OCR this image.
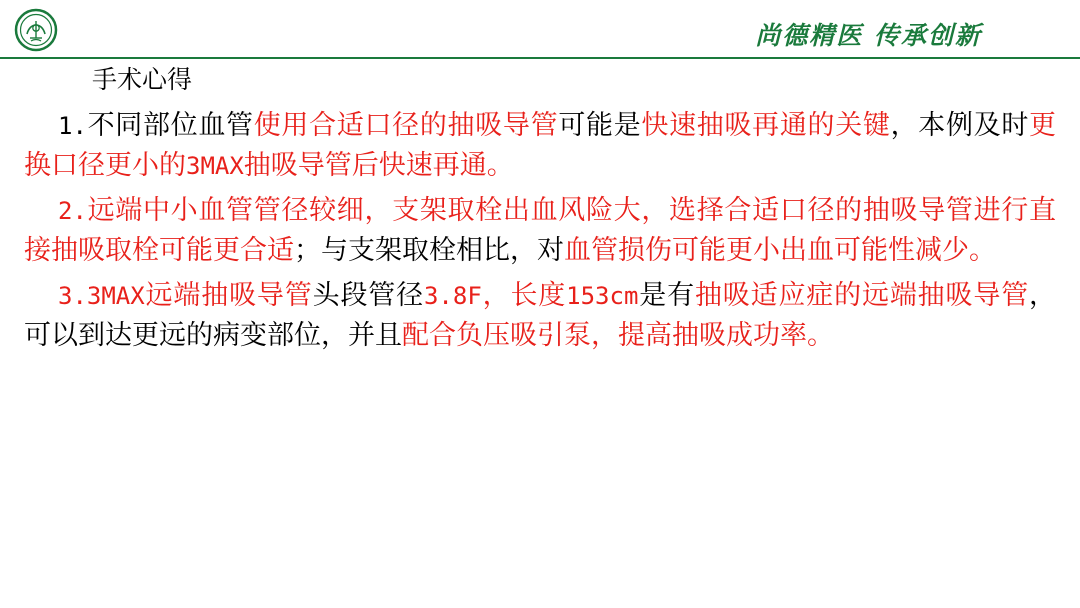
尚德精医 传承创新
手术心得

1.不同部位血管使用合适口径的抽吸导管可能是快速抽吸再通的关键，本例及时更换口径更小的3MAX抽吸导管后快速再通。

2.远端中小血管管径较细，支架取栓出血风险大，选择合适口径的抽吸导管进行直接抽吸取栓可能更合适；与支架取栓相比，对血管损伤可能更小出血可能性减少。

3.3MAX远端抽吸导管头段管径3.8F，长度153cm是有抽吸适应症的远端抽吸导管，可以到达更远的病变部位，并且配合负压吸引泵，提高抽吸成功率。
